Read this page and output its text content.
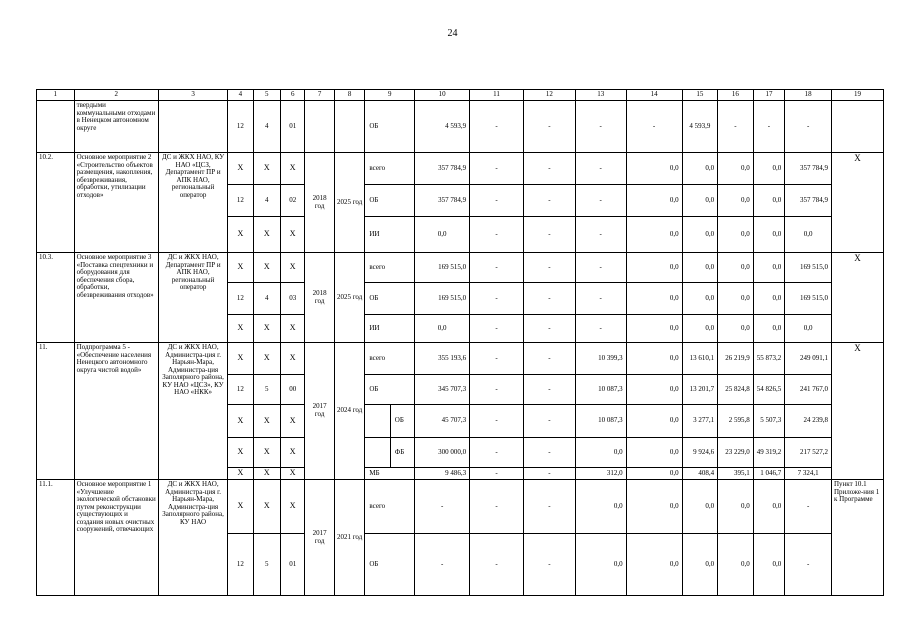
24
1	2	3	4	5	6	7	8	9		10	11	12	13	14	15	16	17	18	19
	твердыми коммунальными отходами в Ненецком автономном округе		12	4	01			ОБ		4 593,9	-	-	-	-	4 593,9	-	-	-	
10.2.	Основное мероприятие 2 «Строительство объектов размещения, накопления, обезвреживания, обработки, утилизации отходов»	ДС и ЖКХ НАО, КУ НАО «ЦСЗ, Департамент ПР и АПК НАО, региональный оператор	X	X	X	2018 год	2025 год	всего		357 784,9	-	-	-	0,0	0,0	0,0	0,0	357 784,9	X
			12	4	02			ОБ		357 784,9	-	-	-	0,0	0,0	0,0	0,0	357 784,9	
			X	X	X			ИИ		0,0	-	-	-	0,0	0,0	0,0	0,0	0,0	
10.3.	Основное мероприятие 3 «Поставка спецтехники и оборудования для обеспечения сбора, обработки, обезвреживания отходов»	ДС и ЖКХ НАО, Департамент ПР и АПК НАО, региональный оператор	X	X	X	2018 год	2025 год	всего		169 515,0	-	-	-	0,0	0,0	0,0	0,0	169 515,0	X
			12	4	03			ОБ		169 515,0	-	-	-	0,0	0,0	0,0	0,0	169 515,0	
			X	X	X			ИИ		0,0	-	-	-	0,0	0,0	0,0	0,0	0,0	
11.	Подпрограмма 5 - «Обеспечение населения Ненецкого автономного округа чистой водой»	ДС и ЖКХ НАО, Администра-ция г. Нарьян-Мара, Администра-ция Заполярного района, КУ НАО «ЦСЗ», КУ НАО «НКК»	X	X	X	2017 год	2024 год	всего		355 193,6	-	-	10 399,3	0,0	13 610,1	26 219,9	55 873,2	249 091,1	X
			12	5	00			ОБ		345 707,3	-	-	10 087,3	0,0	13 201,7	25 824,8	54 826,5	241 767,0	
			X	X	X				ОБ	45 707,3	-	-	10 087,3	0,0	3 277,1	2 595,8	5 507,3	24 239,8	
			X	X	X				ФБ	300 000,0	-	-	0,0	0,0	9 924,6	23 229,0	49 319,2	217 527,2	
			X	X	X			МБ		9 486,3	-	-	312,0	0,0	408,4	395,1	1 046,7	7 324,1	
11.1.	Основное мероприятие 1 «Улучшение экологической обстановки путем реконструкции существующих и создания новых очистных сооружений, отвечающих	ДС и ЖКХ НАО, Администра-ция г. Нарьян-Мара, Администра-ция Заполярного района, КУ НАО	X	X	X	2017 год	2021 год	всего		-	-	-	0,0	0,0	0,0	0,0	0,0	-	Пункт 10.1 Приложе-ния 1 к Программе
			12	5	01			ОБ		-	-	-	0,0	0,0	0,0	0,0	0,0	-	
